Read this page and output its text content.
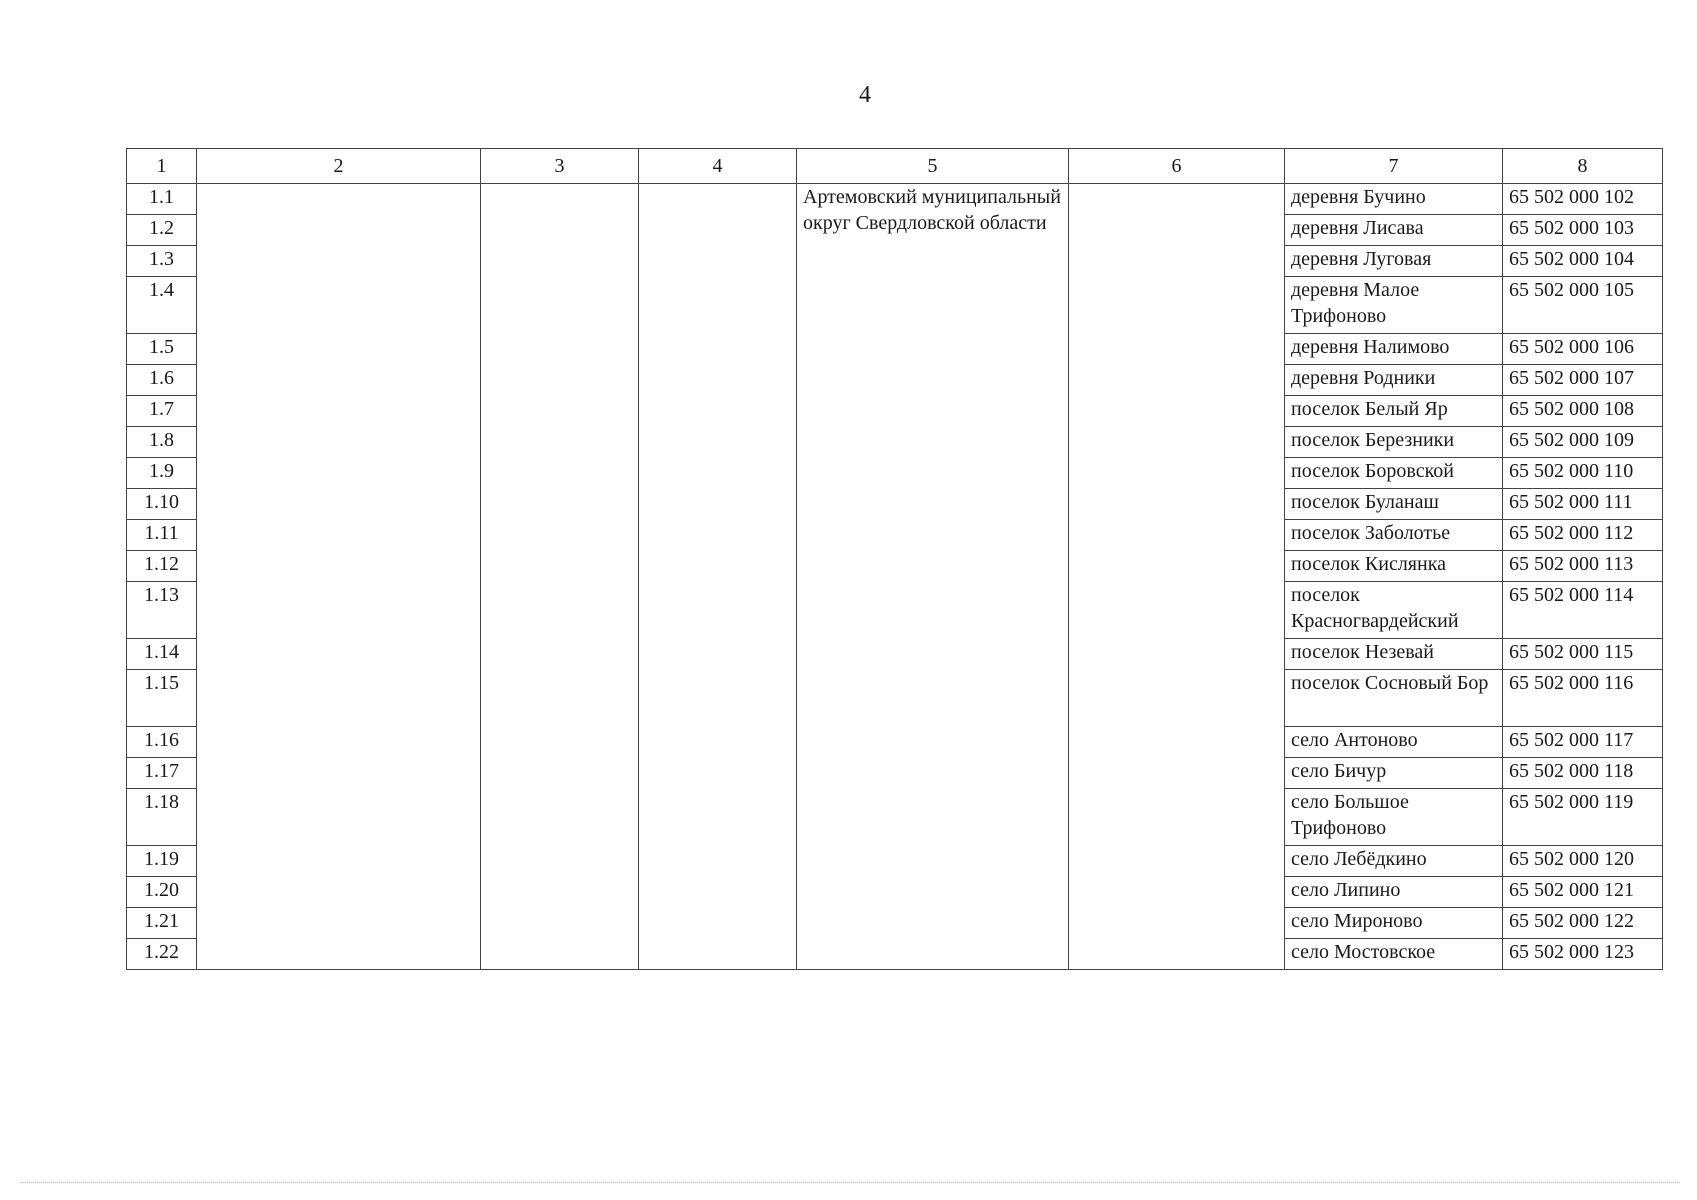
4
1	2	3	4	5	6	7	8
1.1				Артемовский муниципальный округ Свердловской области		деревня Бучино	65 502 000 102
1.2						деревня Лисава	65 502 000 103
1.3						деревня Луговая	65 502 000 104
1.4						деревня Малое Трифоново	65 502 000 105
1.5						деревня Налимово	65 502 000 106
1.6						деревня Родники	65 502 000 107
1.7						поселок Белый Яр	65 502 000 108
1.8						поселок Березники	65 502 000 109
1.9						поселок Боровской	65 502 000 110
1.10						поселок Буланаш	65 502 000 111
1.11						поселок Заболотье	65 502 000 112
1.12						поселок Кислянка	65 502 000 113
1.13						поселок Красногвардейский	65 502 000 114
1.14						поселок Незевай	65 502 000 115
1.15						поселок Сосновый Бор	65 502 000 116
1.16						село Антоново	65 502 000 117
1.17						село Бичур	65 502 000 118
1.18						село Большое Трифоново	65 502 000 119
1.19						село Лебёдкино	65 502 000 120
1.20						село Липино	65 502 000 121
1.21						село Мироново	65 502 000 122
1.22						село Мостовское	65 502 000 123
